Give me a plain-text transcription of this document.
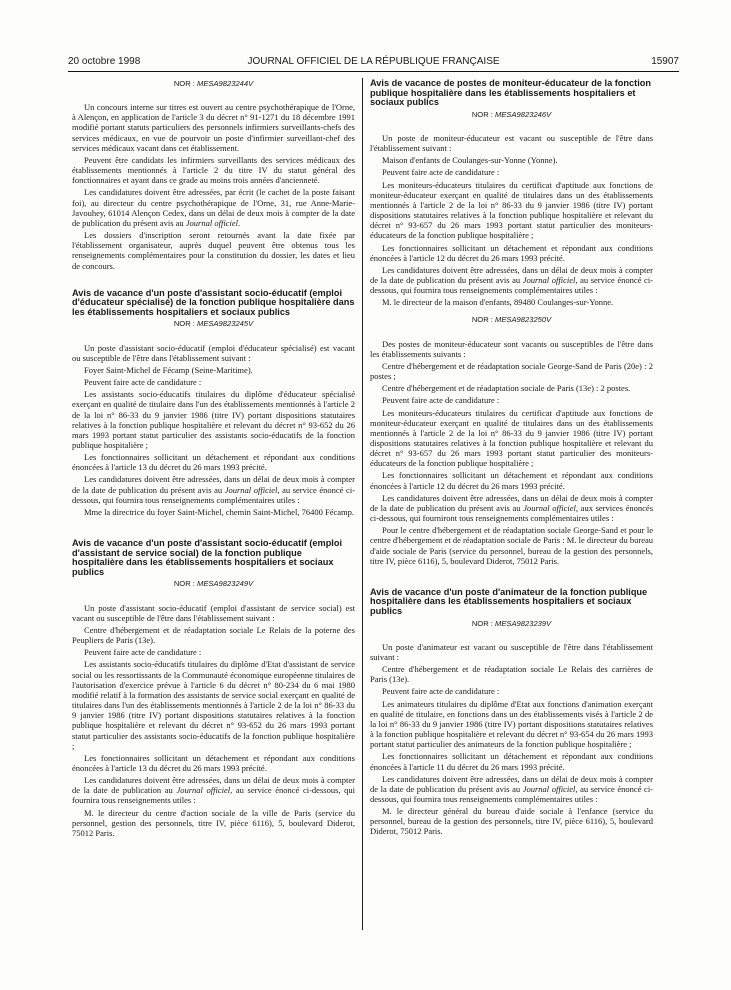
20 octobre 1998	JOURNAL OFFICIEL DE LA RÉPUBLIQUE FRANÇAISE	15907
NOR : MESA9823244V

Un concours interne sur titres est ouvert au centre psychothérapique de l'Orne, à Alençon, en application de l'article 3 du décret n° 91-1271 du 18 décembre 1991 modifié portant statuts particuliers des personnels infirmiers surveillants-chefs des services médicaux, en vue de pourvoir un poste d'infirmier surveillant-chef des services médicaux vacant dans cet établissement.

Peuvent être candidats les infirmiers surveillants des services médicaux des établissements mentionnés à l'article 2 du titre IV du statut général des fonctionnaires et ayant dans ce grade au moins trois années d'ancienneté.

Les candidatures doivent être adressées, par écrit (le cachet de la poste faisant foi), au directeur du centre psychothérapique de l'Orne, 31, rue Anne-Marie-Javouhey, 61014 Alençon Cedex, dans un délai de deux mois à compter de la date de publication du présent avis au Journal officiel.

Les dossiers d'inscription seront retournés avant la date fixée par l'établissement organisateur, auprès duquel peuvent être obtenus tous les renseignements complémentaires pour la constitution du dossier, les dates et lieu de concours.

Avis de vacance d'un poste d'assistant socio-éducatif (emploi d'éducateur spécialisé) de la fonction publique hospitalière dans les établissements hospitaliers et sociaux publics
NOR : MESA9823245V

Un poste d'assistant socio-éducatif (emploi d'éducateur spécialisé) est vacant ou susceptible de l'être dans l'établissement suivant :

Foyer Saint-Michel de Fécamp (Seine-Maritime).

Peuvent faire acte de candidature :

Les assistants socio-éducatifs titulaires du diplôme d'éducateur spécialisé exerçant en qualité de titulaire dans l'un des établissements mentionnés à l'article 2 de la loi n° 86-33 du 9 janvier 1986 (titre IV) portant dispositions statutaires relatives à la fonction publique hospitalière et relevant du décret n° 93-652 du 26 mars 1993 portant statut particulier des assistants socio-éducatifs de la fonction publique hospitalière ;

Les fonctionnaires sollicitant un détachement et répondant aux conditions énoncées à l'article 13 du décret du 26 mars 1993 précité.

Les candidatures doivent être adressées, dans un délai de deux mois à compter de la date de publication du présent avis au Journal officiel, au service énoncé ci-dessous, qui fournira tous renseignements complémentaires utiles :

Mme la directrice du foyer Saint-Michel, chemin Saint-Michel, 76400 Fécamp.

Avis de vacance d'un poste d'assistant socio-éducatif (emploi d'assistant de service social) de la fonction publique hospitalière dans les établissements hospitaliers et sociaux publics
NOR : MESA9823249V

Un poste d'assistant socio-éducatif (emploi d'assistant de service social) est vacant ou susceptible de l'être dans l'établissement suivant :

Centre d'hébergement et de réadaptation sociale Le Relais de la poterne des Peupliers de Paris (13e).

Peuvent faire acte de candidature :

Les assistants socio-éducatifs titulaires du diplôme d'Etat d'assistant de service social ou les ressortissants de la Communauté économique européenne titulaires de l'autorisation d'exercice prévue à l'article 6 du décret n° 80-234 du 6 mai 1980 modifié relatif à la formation des assistants de service social exerçant en qualité de titulaires dans l'un des établissements mentionnés à l'article 2 de la loi n° 86-33 du 9 janvier 1986 (titre IV) portant dispositions statutaires relatives à la fonction publique hospitalière et relevant du décret n° 93-652 du 26 mars 1993 portant statut particulier des assistants socio-éducatifs de la fonction publique hospitalière ;

Les fonctionnaires sollicitant un détachement et répondant aux conditions énoncées à l'article 13 du décret du 26 mars 1993 précité.

Les candidatures doivent être adressées, dans un délai de deux mois à compter de la date de publication au Journal officiel, au service énoncé ci-dessous, qui fournira tous renseignements utiles :

M. le directeur du centre d'action sociale de la ville de Paris (service du personnel, gestion des personnels, titre IV, pièce 6116), 5, boulevard Diderot, 75012 Paris.

Avis de vacance de postes de moniteur-éducateur de la fonction publique hospitalière dans les établissements hospitaliers et sociaux publics
NOR : MESA9823246V

Un poste de moniteur-éducateur est vacant ou susceptible de l'être dans l'établissement suivant :

Maison d'enfants de Coulanges-sur-Yonne (Yonne).

Peuvent faire acte de candidature :

Les moniteurs-éducateurs titulaires du certificat d'aptitude aux fonctions de moniteur-éducateur exerçant en qualité de titulaires dans un des établissements mentionnés à l'article 2 de la loi n° 86-33 du 9 janvier 1986 (titre IV) portant dispositions statutaires relatives à la fonction publique hospitalière et relevant du décret n° 93-657 du 26 mars 1993 portant statut particulier des moniteurs-éducateurs de la fonction publique hospitalière ;

Les fonctionnaires sollicitant un détachement et répondant aux conditions énoncées à l'article 12 du décret du 26 mars 1993 précité.

Les candidatures doivent être adressées, dans un délai de deux mois à compter de la date de publication du présent avis au Journal officiel, au service énoncé ci-dessous, qui fournira tous renseignements complémentaires utiles :

M. le directeur de la maison d'enfants, 89480 Coulanges-sur-Yonne.

NOR : MESA9823250V

Des postes de moniteur-éducateur sont vacants ou susceptibles de l'être dans les établissements suivants :

Centre d'hébergement et de réadaptation sociale George-Sand de Paris (20e) : 2 postes ;

Centre d'hébergement et de réadaptation sociale de Paris (13e) : 2 postes.

Peuvent faire acte de candidature :

Les moniteurs-éducateurs titulaires du certificat d'aptitude aux fonctions de moniteur-éducateur exerçant en qualité de titulaires dans un des établissements mentionnés à l'article 2 de la loi n° 86-33 du 9 janvier 1986 (titre IV) portant dispositions statutaires relatives à la fonction publique hospitalière et relevant du décret n° 93-657 du 26 mars 1993 portant statut particulier des moniteurs-éducateurs de la fonction publique hospitalière ;

Les fonctionnaires sollicitant un détachement et répondant aux conditions énoncées à l'article 12 du décret du 26 mars 1993 précité.

Les candidatures doivent être adressées, dans un délai de deux mois à compter de la date de publication du présent avis au Journal officiel, aux services énoncés ci-dessous, qui fourniront tous renseignements complémentaires utiles :

Pour le centre d'hébergement et de réadaptation sociale George-Sand et pour le centre d'hébergement et de réadaptation sociale de Paris : M. le directeur du bureau d'aide sociale de Paris (service du personnel, bureau de la gestion des personnels, titre IV, pièce 6116), 5, boulevard Diderot, 75012 Paris.

Avis de vacance d'un poste d'animateur de la fonction publique hospitalière dans les établissements hospitaliers et sociaux publics
NOR : MESA9823239V

Un poste d'animateur est vacant ou susceptible de l'être dans l'établissement suivant :

Centre d'hébergement et de réadaptation sociale Le Relais des carrières de Paris (13e).

Peuvent faire acte de candidature :

Les animateurs titulaires du diplôme d'Etat aux fonctions d'animation exerçant en qualité de titulaire, en fonctions dans un des établissements visés à l'article 2 de la loi n° 86-33 du 9 janvier 1986 (titre IV) portant dispositions statutaires relatives à la fonction publique hospitalière et relevant du décret n° 93-654 du 26 mars 1993 portant statut particulier des animateurs de la fonction publique hospitalière ;

Les fonctionnaires sollicitant un détachement et répondant aux conditions énoncées à l'article 11 du décret du 26 mars 1993 précité.

Les candidatures doivent être adressées, dans un délai de deux mois à compter de la date de publication du présent avis au Journal officiel, au service énoncé ci-dessous, qui fournira tous renseignements complémentaires utiles :

M. le directeur général du bureau d'aide sociale à l'enfance (service du personnel, bureau de la gestion des personnels, titre IV, pièce 6116), 5, boulevard Diderot, 75012 Paris.
